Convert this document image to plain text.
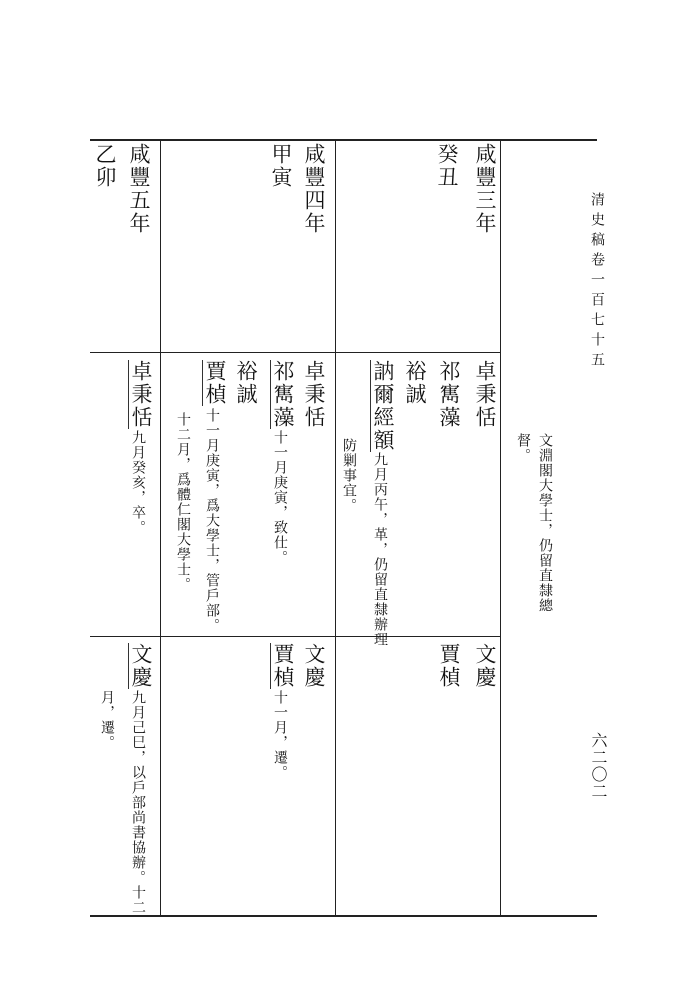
清史稿卷一百七十五
六二〇二
文淵閣大學士，仍留直隸總
督。
咸豐三年
癸丑
卓秉恬
祁寯藻
裕誠
訥爾經額
九月丙午，革，仍留直隸辦理
防剿事宜。
文慶
賈楨
咸豐四年
甲寅
卓秉恬
祁寯藻
十一月庚寅，致仕。
裕誠
賈楨
十一月庚寅，爲大學士，管戶部。
十二月，爲體仁閣大學士。
文慶
賈楨
十一月，遷。
咸豐五年
乙卯
卓秉恬
九月癸亥，卒。
文慶
九月己巳，以戶部尚書協辦。十二
月，遷。
